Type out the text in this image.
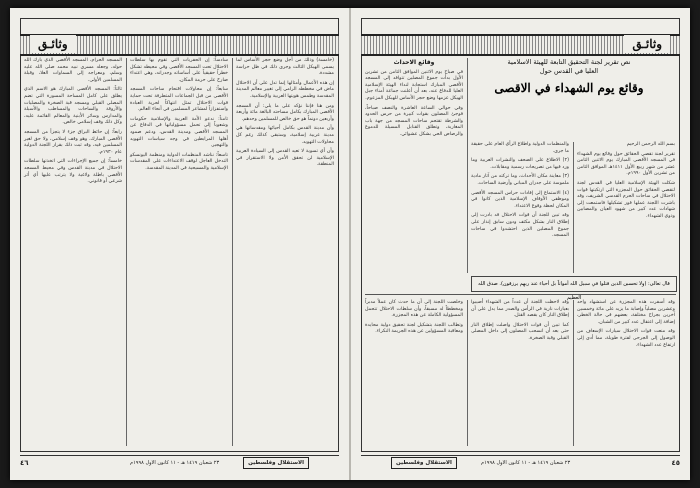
وثائـق

المسجد الحرام، المسجد الأقصى الذي بارك الله حوله، وجعله مسرى نبيه محمد صلى الله عليه وسلم، ومعراجه إلى السماوات العلا، وقبلة المسلمين الأولى.

ثالثاً: المسجد الأقصى المبارك هو الاسم الذي يطلق على كامل المساحة المسورة التي تضم المصلى القبلي ومسجد قبة الصخرة والمصليات والأروقة والساحات والمساطب والأسبلة والمدارس وسائر الأبنية والمعالم القائمة عليه، وكل ذلك وقف إسلامي خالص.

رابعاً: إن حائط البراق جزء لا يتجزأ من المسجد الأقصى المبارك، وهو وقف إسلامي، ولا حق لغير المسلمين فيه، وقد ثبت ذلك بقرار اللجنة الدولية عام ١٩٣٠م.

خامساً: إن جميع الإجراءات التي اتخذتها سلطات الاحتلال في مدينة القدس وفي محيط المسجد الأقصى باطلة ولاغية ولا يترتب عليها أي أثر شرعي أو قانوني.

سادساً: إن الحفريات التي تقوم بها سلطات الاحتلال تحت المسجد الأقصى وفي محيطه تشكل خطراً حقيقياً على أساساته وجدرانه، وهي اعتداء صارخ على حرمة المكان.

سابعاً: إن محاولات اقتحام ساحات المسجد الأقصى من قبل الجماعات المتطرفة تحت حماية قوات الاحتلال تمثل انتهاكاً لحرية العبادة واستفزازاً لمشاعر المسلمين في أنحاء العالم.

ثامناً: ندعو الأمة العربية والإسلامية حكومات وشعوباً إلى تحمل مسؤولياتها في الدفاع عن المسجد الأقصى ومدينة القدس، ودعم صمود أهلها المرابطين في وجه سياسات التهويد والتهجير.

تاسعاً: نناشد المنظمات الدولية ومنظمة اليونسكو التدخل العاجل لوقف الاعتداءات على المقدسات الإسلامية والمسيحية في المدينة المقدسة.

(خامسة) وذلك من أجل وضع حجر الأساس لما يسمى الهيكل الثالث وجرى ذلك في ظل حراسة مشددة.

إن هذه الأعمال وأمثالها إنما تدل على أن الاحتلال ماض في مخططه الرامي إلى تغيير معالم المدينة المقدسة وطمس هويتها العربية والإسلامية.

ومن هنا فإننا نؤكد على ما يلي: أن المسجد الأقصى المبارك بكامل مساحته البالغة مائة وأربعة وأربعين دونماً هو حق خالص للمسلمين وحدهم.

وأن مدينة القدس بكامل أحيائها ومقدساتها هي مدينة عربية إسلامية، وستبقى كذلك رغم كل محاولات التهويد.

وأن أي تسوية لا تعيد القدس إلى السيادة العربية الإسلامية لن تحقق الأمن ولا الاستقرار في المنطقة.

٤٦	٢٣ شعبان ١٤١٩ هـ - ١١ كانون الاول ١٩٩٨م	الاستقلال وفلسطين
وثائـق
نص تقرير لجنة التحقيق التابعة للهيئة الاسلامية
العليا في القدس حول
وقائع يوم الشهداء في الاقصى
وقائع الاحداث

في صباح يوم الاثنين الموافق الثامن من تشرين الأول بدأت جموع المصلين تتوافد إلى المسجد الأقصى المبارك استجابة لنداء الهيئة الإسلامية العليا للدفاع عنه، بعد أن أعلنت جماعة أمناء جبل الهيكل عزمها وضع حجر الأساس للهيكل المزعوم.

وفي حوالي الساعة العاشرة والنصف صباحاً، فوجئ المصلون بقوات كبيرة من حرس الحدود والشرطة تقتحم ساحات المسجد من جهة باب المغاربة، وتطلق القنابل المسيلة للدموع والرصاص الحي بشكل عشوائي.

والمنظمات الدولية واطلاع الرأي العام على حقيقة ما جرى.

(٢) الاطلاع على الصحف والنشرات العربية وما ورد فيها من تصريحات رسمية ومقابلات.

(٣) معاينة مكان الأحداث، وما تركته من آثار مادية ملموسة على جدران المباني وأرضية الساحات.

(٤) الاستماع إلى إفادات حراس المسجد الأقصى وموظفي الأوقاف الإسلامية الذين كانوا في المكان لحظة وقوع الاعتداء.

وقد تبين للجنة أن قوات الاحتلال قد بادرت إلى إطلاق النار بشكل مكثف ودون سابق إنذار على جموع المصلين الذين احتشدوا في ساحات المسجد.

بسم الله الرحمن الرحيم

تقرير لجنة تقصي الحقائق حول وقائع يوم الشهداء في المسجد الأقصى المبارك يوم الاثنين الثامن عشر من شهر ربيع الأول ١٤١١هـ الموافق الثامن من تشرين الأول ١٩٩٠م.

شكلت الهيئة الإسلامية العليا في القدس لجنة لتقصي الحقائق حول المجزرة التي ارتكبتها قوات الاحتلال في ساحات الحرم القدسي الشريف، وقد باشرت اللجنة عملها فور تشكيلها فاستمعت إلى شهادات عدد كبير من شهود العيان والمصابين وذوي الشهداء.

قال تعالى: (ولا تحسبن الذين قتلوا في سبيل الله أمواتاً بل أحياء عند ربهم يرزقون). صدق الله العظيم

وخلصت اللجنة إلى أن ما حدث كان عملاً مدبراً ومخططاً له مسبقاً، وأن سلطات الاحتلال تتحمل المسؤولية الكاملة عن هذه المجزرة.

وتطالب اللجنة بتشكيل لجنة تحقيق دولية محايدة ومعاقبة المسؤولين عن هذه الجريمة النكراء.

وقد لاحظت اللجنة أن عدداً من الشهداء أصيبوا بعيارات نارية في الرأس والصدر مما يدل على أن إطلاق النار كان بقصد القتل.

كما تبين أن قوات الاحتلال واصلت إطلاق النار حتى بعد أن انسحب المصلون إلى داخل المصلى القبلي وقبة الصخرة.

وقد أسفرت هذه المجزرة عن استشهاد واحد وعشرين مصلياً وإصابة ما يزيد على مائة وخمسين آخرين بجراح مختلفة، بعضهم في حالة الخطر، إضافة إلى اعتقال عدد كبير من الشبان.

وقد منعت قوات الاحتلال سيارات الإسعاف من الوصول إلى الجرحى لفترة طويلة، مما أدى إلى ارتفاع عدد الشهداء.

الاستقلال وفلسطين	٢٣ شعبان ١٤١٩ هـ - ١١ كانون الاول ١٩٩٨م	٤٥
